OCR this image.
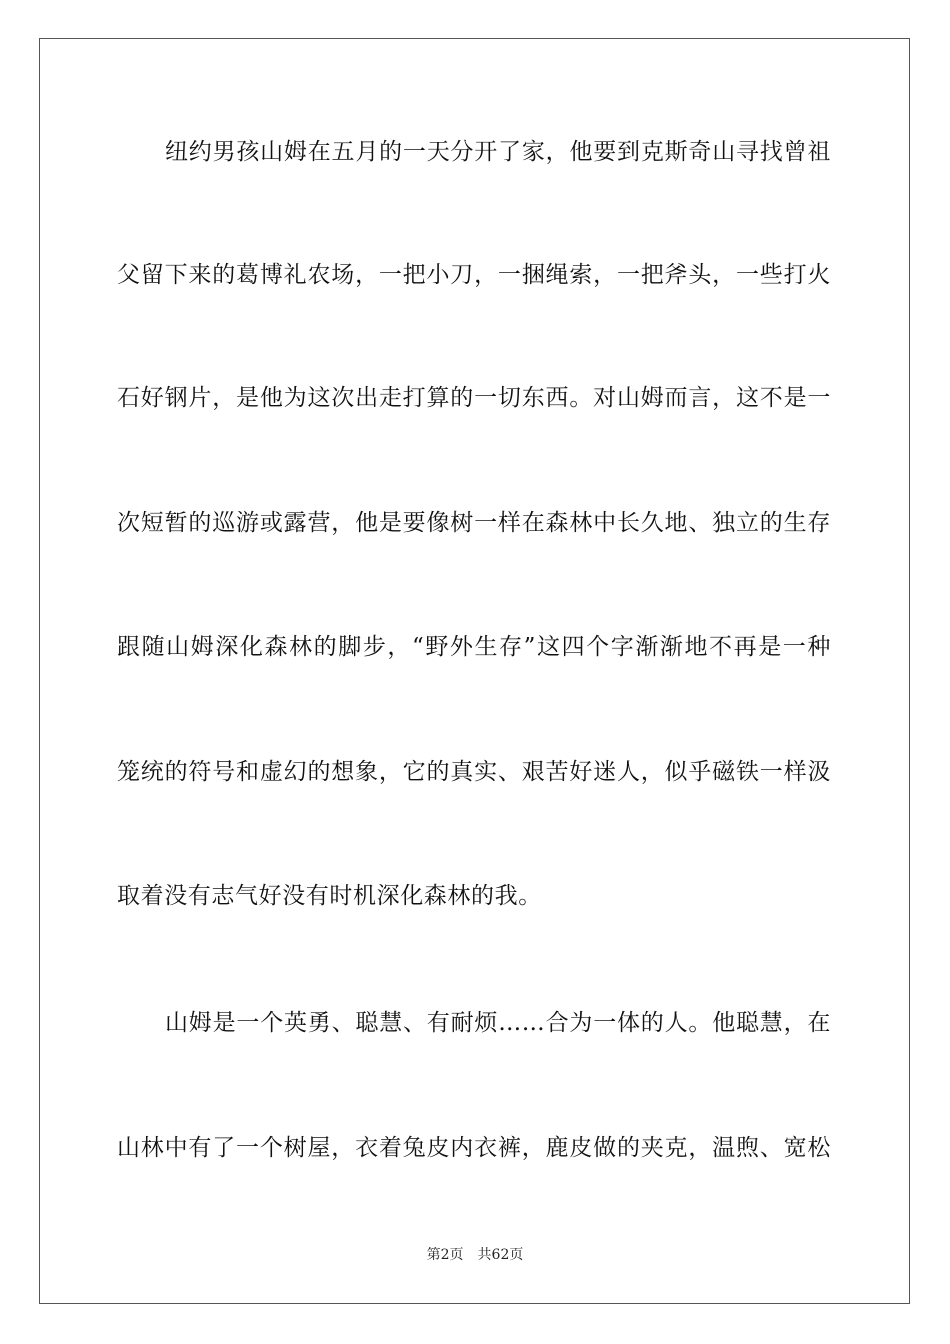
纽约男孩山姆在五月的一天分开了家，他要到克斯奇山寻找曾祖
父留下来的葛博礼农场，一把小刀，一捆绳索，一把斧头，一些打火
石好钢片，是他为这次出走打算的一切东西。对山姆而言，这不是一
次短暂的巡游或露营，他是要像树一样在森林中长久地、独立的生存
跟随山姆深化森林的脚步，“野外生存”这四个字渐渐地不再是一种
笼统的符号和虚幻的想象，它的真实、艰苦好迷人，似乎磁铁一样汲
取着没有志气好没有时机深化森林的我。
山姆是一个英勇、聪慧、有耐烦……合为一体的人。他聪慧，在
山林中有了一个树屋，衣着兔皮内衣裤，鹿皮做的夹克，温煦、宽松
第2页 共62页
